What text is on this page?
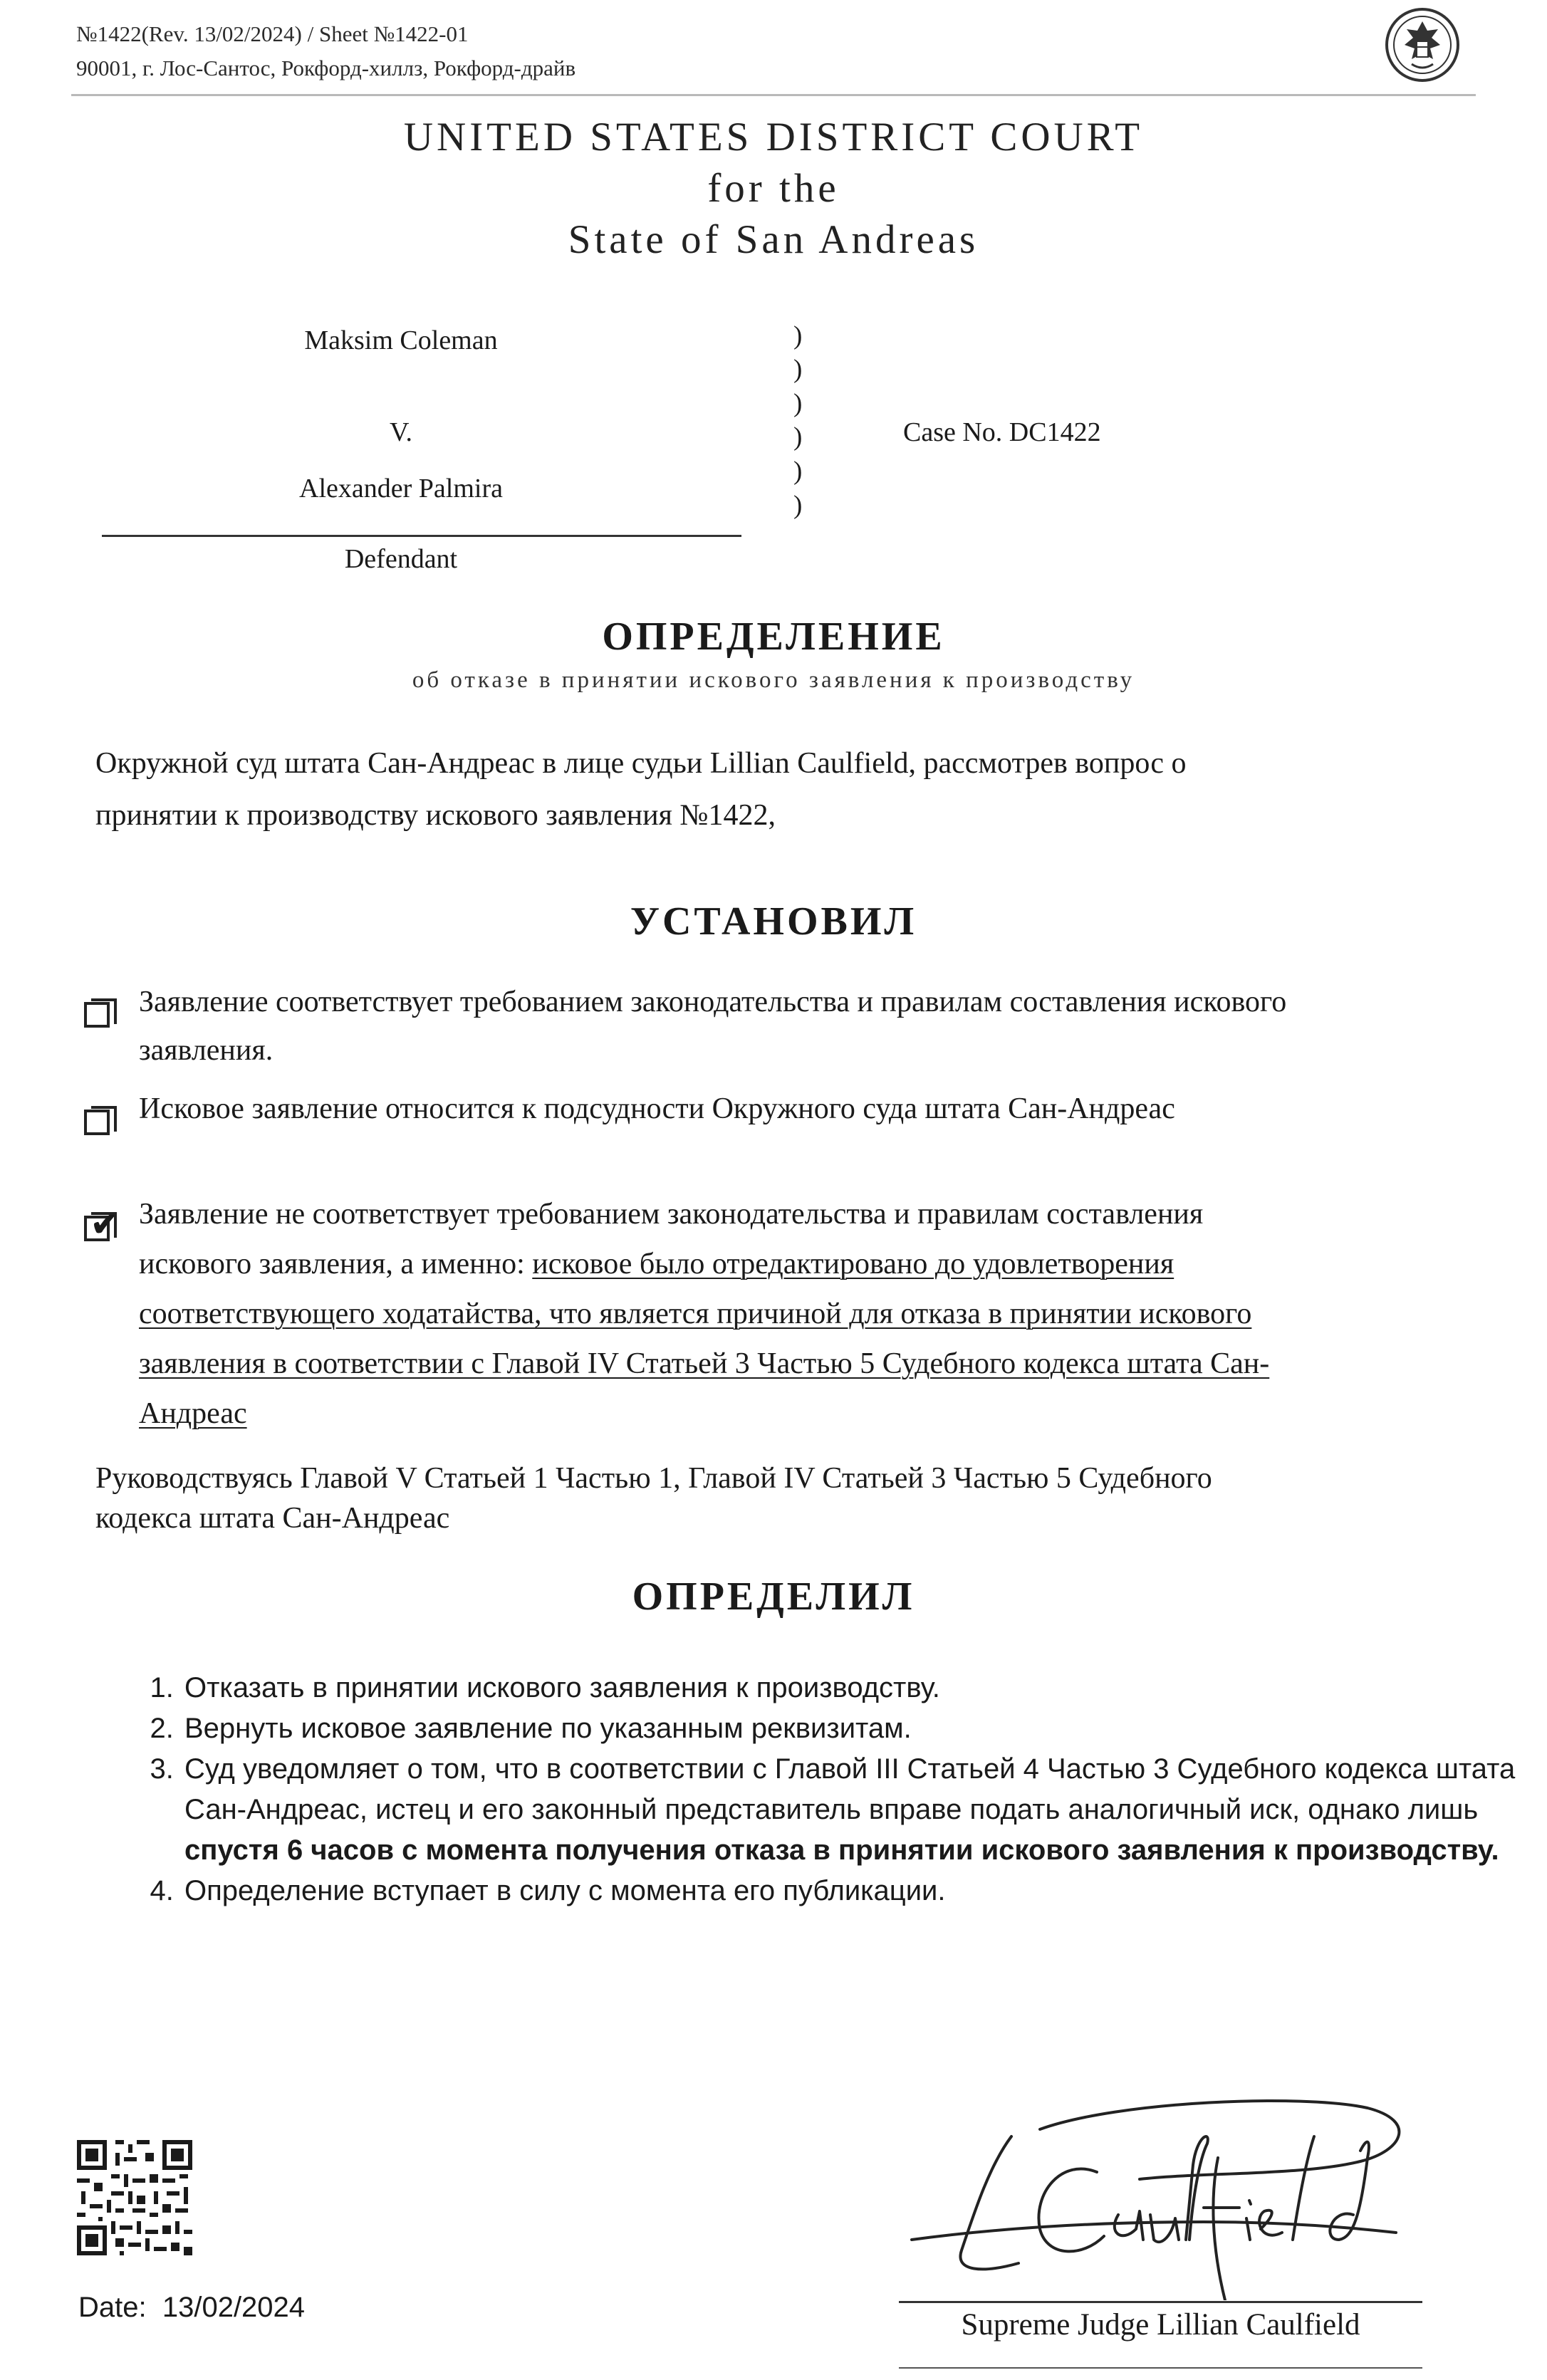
№1422(Rev. 13/02/2024) / Sheet №1422-01
90001, г. Лос-Сантос, Рокфорд-хиллз, Рокфорд-драйв
UNITED STATES DISTRICT COURT
for the
State of San Andreas
Maksim Coleman
V.
Alexander Palmira
Defendant
)
)
)
)
)
)
Case No. DC1422
ОПРЕДЕЛЕНИЕ
об отказе в принятии искового заявления к производству
Окружной суд штата Сан-Андреас в лице судьи Lillian Caulfield, рассмотрев вопрос о
принятии к производству искового заявления №1422,
УСТАНОВИЛ
Заявление соответствует требованием законодательства и правилам составления искового
заявления.
Исковое заявление относится к подсудности Окружного суда штата Сан-Андреас
✔ Заявление не соответствует требованием законодательства и правилам составления
искового заявления, а именно: исковое было отредактировано до удовлетворения
соответствующего ходатайства, что является причиной для отказа в принятии искового
заявления в соответствии с Главой IV Статьей 3 Частью 5 Судебного кодекса штата Сан-
Андреас
Руководствуясь Главой V Статьей 1 Частью 1, Главой IV Статьей 3 Частью 5 Судебного
кодекса штата Сан-Андреас
ОПРЕДЕЛИЛ
1. Отказать в принятии искового заявления к производству.
2. Вернуть исковое заявление по указанным реквизитам.
3. Суд уведомляет о том, что в соответствии с Главой III Статьей 4 Частью 3 Судебного кодекса штата Сан-Андреас, истец и его законный представитель вправе подать аналогичный иск, однако лишь спустя 6 часов с момента получения отказа в принятии искового заявления к производству.
4. Определение вступает в силу с момента его публикации.
Date: 13/02/2024
Supreme Judge Lillian Caulfield
